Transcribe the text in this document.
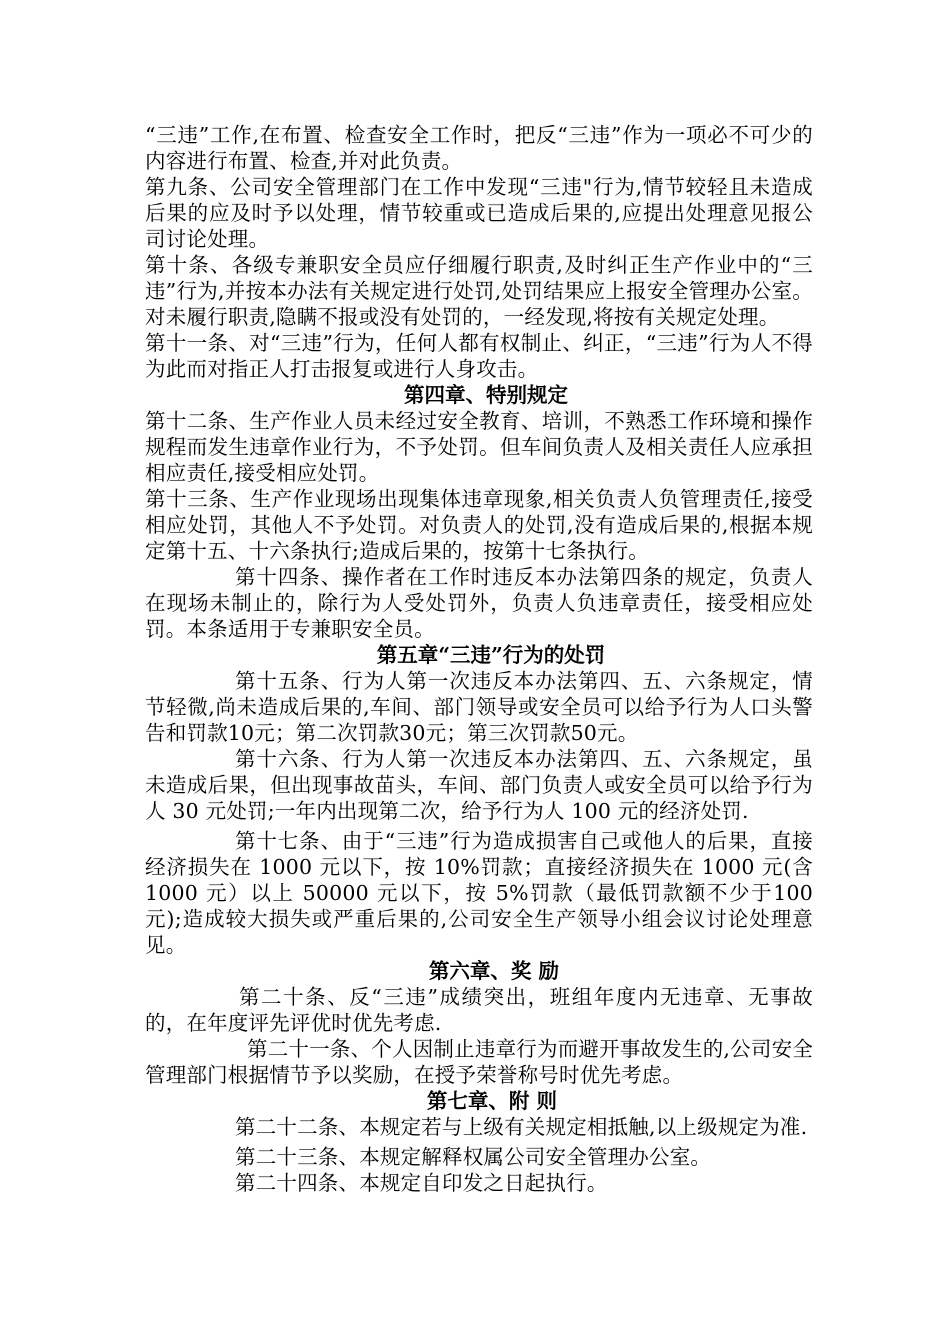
“三违”工作,在布置、检查安全工作时，把反“三违”作为一项必不可少的内容进行布置、检查,并对此负责。

第九条、公司安全管理部门在工作中发现“三违"行为,情节较轻且未造成后果的应及时予以处理，情节较重或已造成后果的,应提出处理意见报公司讨论处理。

第十条、各级专兼职安全员应仔细履行职责,及时纠正生产作业中的“三违”行为,并按本办法有关规定进行处罚,处罚结果应上报安全管理办公室。对未履行职责,隐瞒不报或没有处罚的，一经发现,将按有关规定处理。

第十一条、对“三违”行为，任何人都有权制止、纠正，“三违”行为人不得为此而对指正人打击报复或进行人身攻击。

第四章、特别规定

第十二条、生产作业人员未经过安全教育、培训，不熟悉工作环境和操作规程而发生违章作业行为，不予处罚。但车间负责人及相关责任人应承担相应责任,接受相应处罚。

第十三条、生产作业现场出现集体违章现象,相关负责人负管理责任,接受相应处罚，其他人不予处罚。对负责人的处罚,没有造成后果的,根据本规定第十五、十六条执行;造成后果的，按第十七条执行。

第十四条、操作者在工作时违反本办法第四条的规定，负责人在现场未制止的，除行为人受处罚外，负责人负违章责任，接受相应处罚。本条适用于专兼职安全员。

第五章“三违”行为的处罚

第十五条、行为人第一次违反本办法第四、五、六条规定，情节轻微,尚未造成后果的,车间、部门领导或安全员可以给予行为人口头警告和罚款10元；第二次罚款30元；第三次罚款50元。

第十六条、行为人第一次违反本办法第四、五、六条规定，虽未造成后果，但出现事故苗头，车间、部门负责人或安全员可以给予行为人 30 元处罚;一年内出现第二次，给予行为人 100 元的经济处罚.

第十七条、由于“三违”行为造成损害自己或他人的后果，直接经济损失在 1000 元以下，按 10%罚款；直接经济损失在 1000 元(含 1000 元）以上 50000 元以下，按 5%罚款（最低罚款额不少于100 元);造成较大损失或严重后果的,公司安全生产领导小组会议讨论处理意见。

第六章、奖 励

第二十条、反“三违”成绩突出，班组年度内无违章、无事故的，在年度评先评优时优先考虑.

第二十一条、个人因制止违章行为而避开事故发生的,公司安全管理部门根据情节予以奖励，在授予荣誉称号时优先考虑。

第七章、附 则

第二十二条、本规定若与上级有关规定相抵触,以上级规定为准.

第二十三条、本规定解释权属公司安全管理办公室。

第二十四条、本规定自印发之日起执行。
